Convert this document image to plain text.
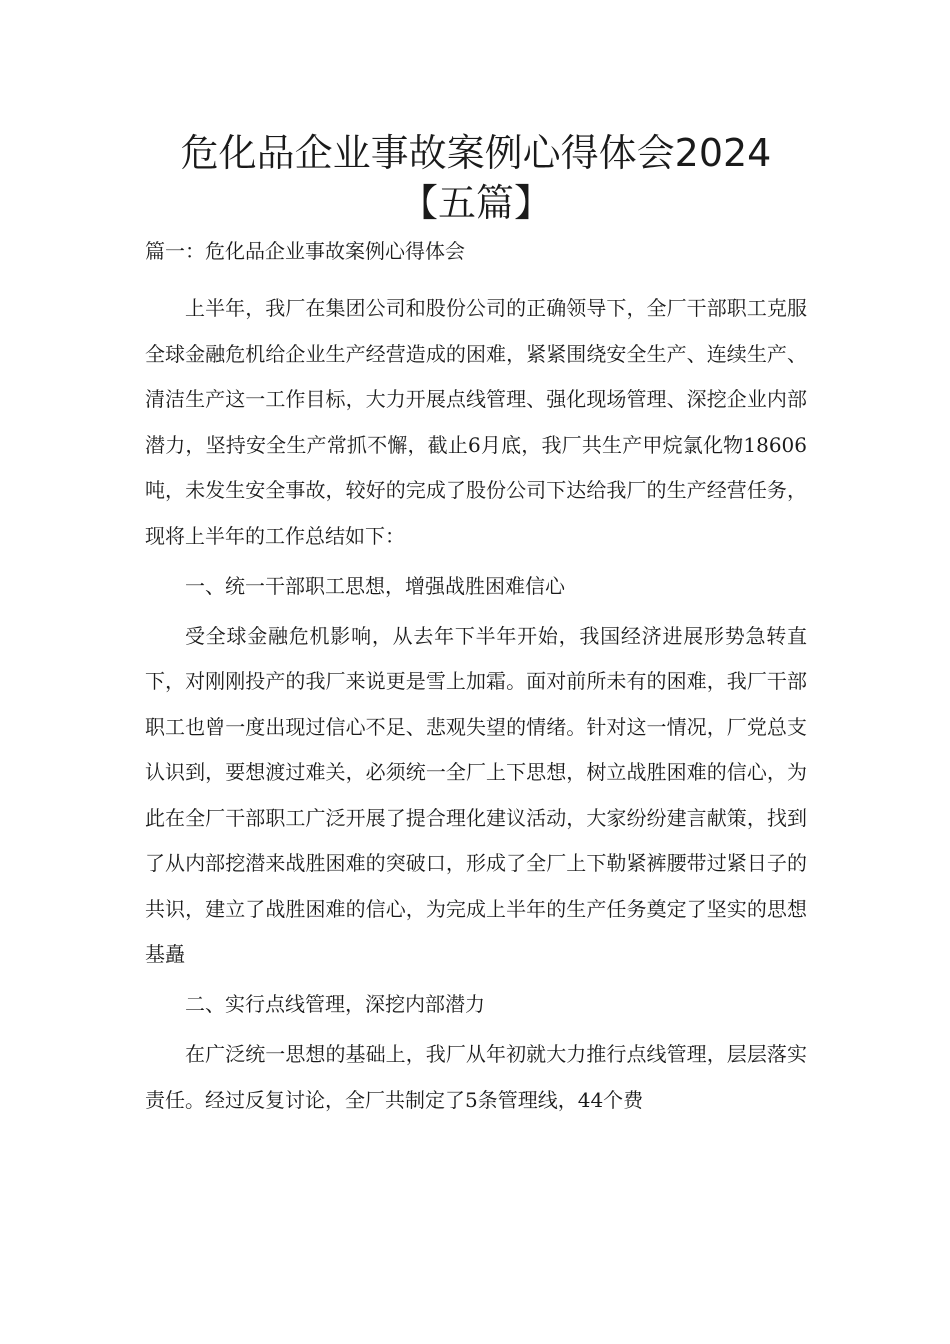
危化品企业事故案例心得体会2024【五篇】

篇一：危化品企业事故案例心得体会

上半年，我厂在集团公司和股份公司的正确领导下，全厂干部职工克服全球金融危机给企业生产经营造成的困难，紧紧围绕安全生产、连续生产、清洁生产这一工作目标，大力开展点线管理、强化现场管理、深挖企业内部潜力，坚持安全生产常抓不懈，截止6月底，我厂共生产甲烷氯化物18606吨，未发生安全事故，较好的完成了股份公司下达给我厂的生产经营任务，现将上半年的工作总结如下：

一、统一干部职工思想，增强战胜困难信心

受全球金融危机影响，从去年下半年开始，我国经济进展形势急转直下，对刚刚投产的我厂来说更是雪上加霜。面对前所未有的困难，我厂干部职工也曾一度出现过信心不足、悲观失望的情绪。针对这一情况，厂党总支认识到，要想渡过难关，必须统一全厂上下思想，树立战胜困难的信心，为此在全厂干部职工广泛开展了提合理化建议活动，大家纷纷建言献策，找到了从内部挖潜来战胜困难的突破口，形成了全厂上下勒紧裤腰带过紧日子的共识，建立了战胜困难的信心，为完成上半年的生产任务奠定了坚实的思想基矗

二、实行点线管理，深挖内部潜力

在广泛统一思想的基础上，我厂从年初就大力推行点线管理，层层落实责任。经过反复讨论，全厂共制定了5条管理线，44个费
